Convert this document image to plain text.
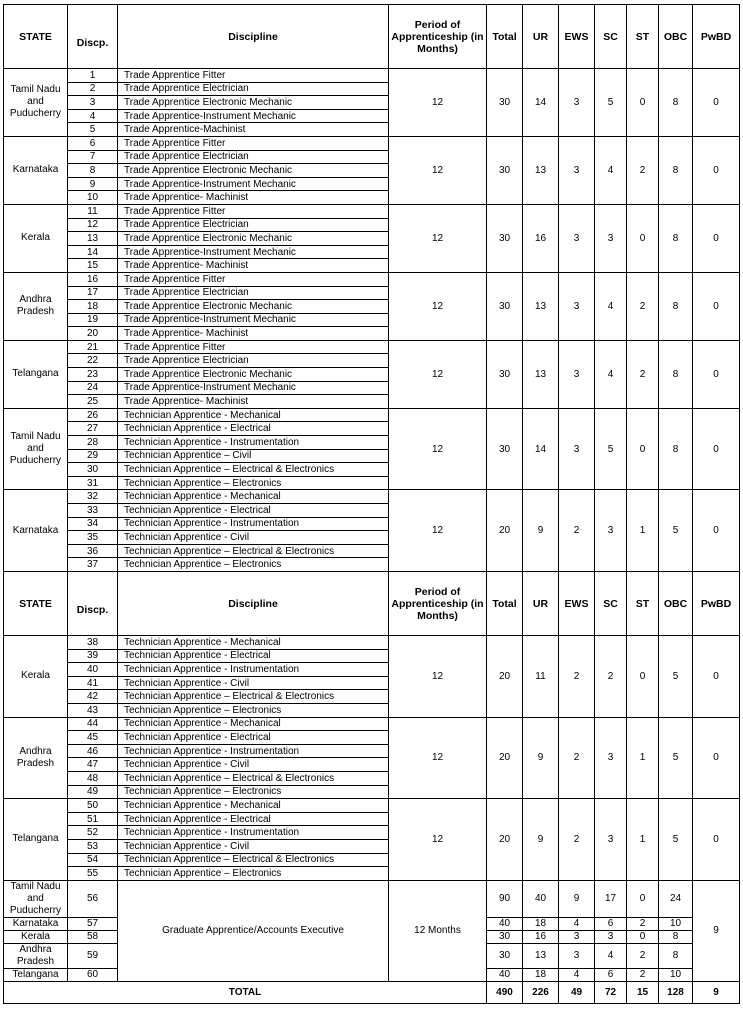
STATE	Discp.	Discipline	Period of Apprenticeship (in Months)	Total	UR	EWS	SC	ST	OBC	PwBD
Tamil Nadu and Puducherry	1	Trade Apprentice Fitter	12	30	14	3	5	0	8	0
	2	Trade Apprentice Electrician								
	3	Trade Apprentice Electronic Mechanic								
	4	Trade Apprentice-Instrument Mechanic								
	5	Trade Apprentice-Machinist								
Karnataka	6	Trade Apprentice Fitter	12	30	13	3	4	2	8	0
	7	Trade Apprentice Electrician								
	8	Trade Apprentice Electronic Mechanic								
	9	Trade Apprentice-Instrument Mechanic								
	10	Trade Apprentice- Machinist								
Kerala	11	Trade Apprentice Fitter	12	30	16	3	3	0	8	0
	12	Trade Apprentice Electrician								
	13	Trade Apprentice Electronic Mechanic								
	14	Trade Apprentice-Instrument Mechanic								
	15	Trade Apprentice- Machinist								
Andhra Pradesh	16	Trade Apprentice Fitter	12	30	13	3	4	2	8	0
	17	Trade Apprentice Electrician								
	18	Trade Apprentice Electronic Mechanic								
	19	Trade Apprentice-Instrument Mechanic								
	20	Trade Apprentice- Machinist								
Telangana	21	Trade Apprentice Fitter	12	30	13	3	4	2	8	0
	22	Trade Apprentice Electrician								
	23	Trade Apprentice Electronic Mechanic								
	24	Trade Apprentice-Instrument Mechanic								
	25	Trade Apprentice- Machinist								
Tamil Nadu and Puducherry	26	Technician Apprentice - Mechanical	12	30	14	3	5	0	8	0
	27	Technician Apprentice - Electrical								
	28	Technician Apprentice - Instrumentation								
	29	Technician Apprentice – Civil								
	30	Technician Apprentice – Electrical & Electronics								
	31	Technician Apprentice – Electronics								
Karnataka	32	Technician Apprentice - Mechanical	12	20	9	2	3	1	5	0
	33	Technician Apprentice - Electrical								
	34	Technician Apprentice - Instrumentation								
	35	Technician Apprentice - Civil								
	36	Technician Apprentice – Electrical & Electronics								
	37	Technician Apprentice – Electronics								
STATE	Discp.	Discipline	Period of Apprenticeship (in Months)	Total	UR	EWS	SC	ST	OBC	PwBD
Kerala	38	Technician Apprentice - Mechanical	12	20	11	2	2	0	5	0
	39	Technician Apprentice - Electrical								
	40	Technician Apprentice - Instrumentation								
	41	Technician Apprentice - Civil								
	42	Technician Apprentice – Electrical & Electronics								
	43	Technician Apprentice – Electronics								
Andhra Pradesh	44	Technician Apprentice - Mechanical	12	20	9	2	3	1	5	0
	45	Technician Apprentice - Electrical								
	46	Technician Apprentice - Instrumentation								
	47	Technician Apprentice - Civil								
	48	Technician Apprentice – Electrical & Electronics								
	49	Technician Apprentice – Electronics								
Telangana	50	Technician Apprentice - Mechanical	12	20	9	2	3	1	5	0
	51	Technician Apprentice - Electrical								
	52	Technician Apprentice - Instrumentation								
	53	Technician Apprentice - Civil								
	54	Technician Apprentice – Electrical & Electronics								
	55	Technician Apprentice – Electronics								
Tamil Nadu and Puducherry	56	Graduate Apprentice/Accounts Executive	12 Months	90	40	9	17	0	24	9
Karnataka	57			40	18	4	6	2	10	
Kerala	58			30	16	3	3	0	8	
Andhra Pradesh	59			30	13	3	4	2	8	
Telangana	60			40	18	4	6	2	10	
TOTAL				490	226	49	72	15	128	9
